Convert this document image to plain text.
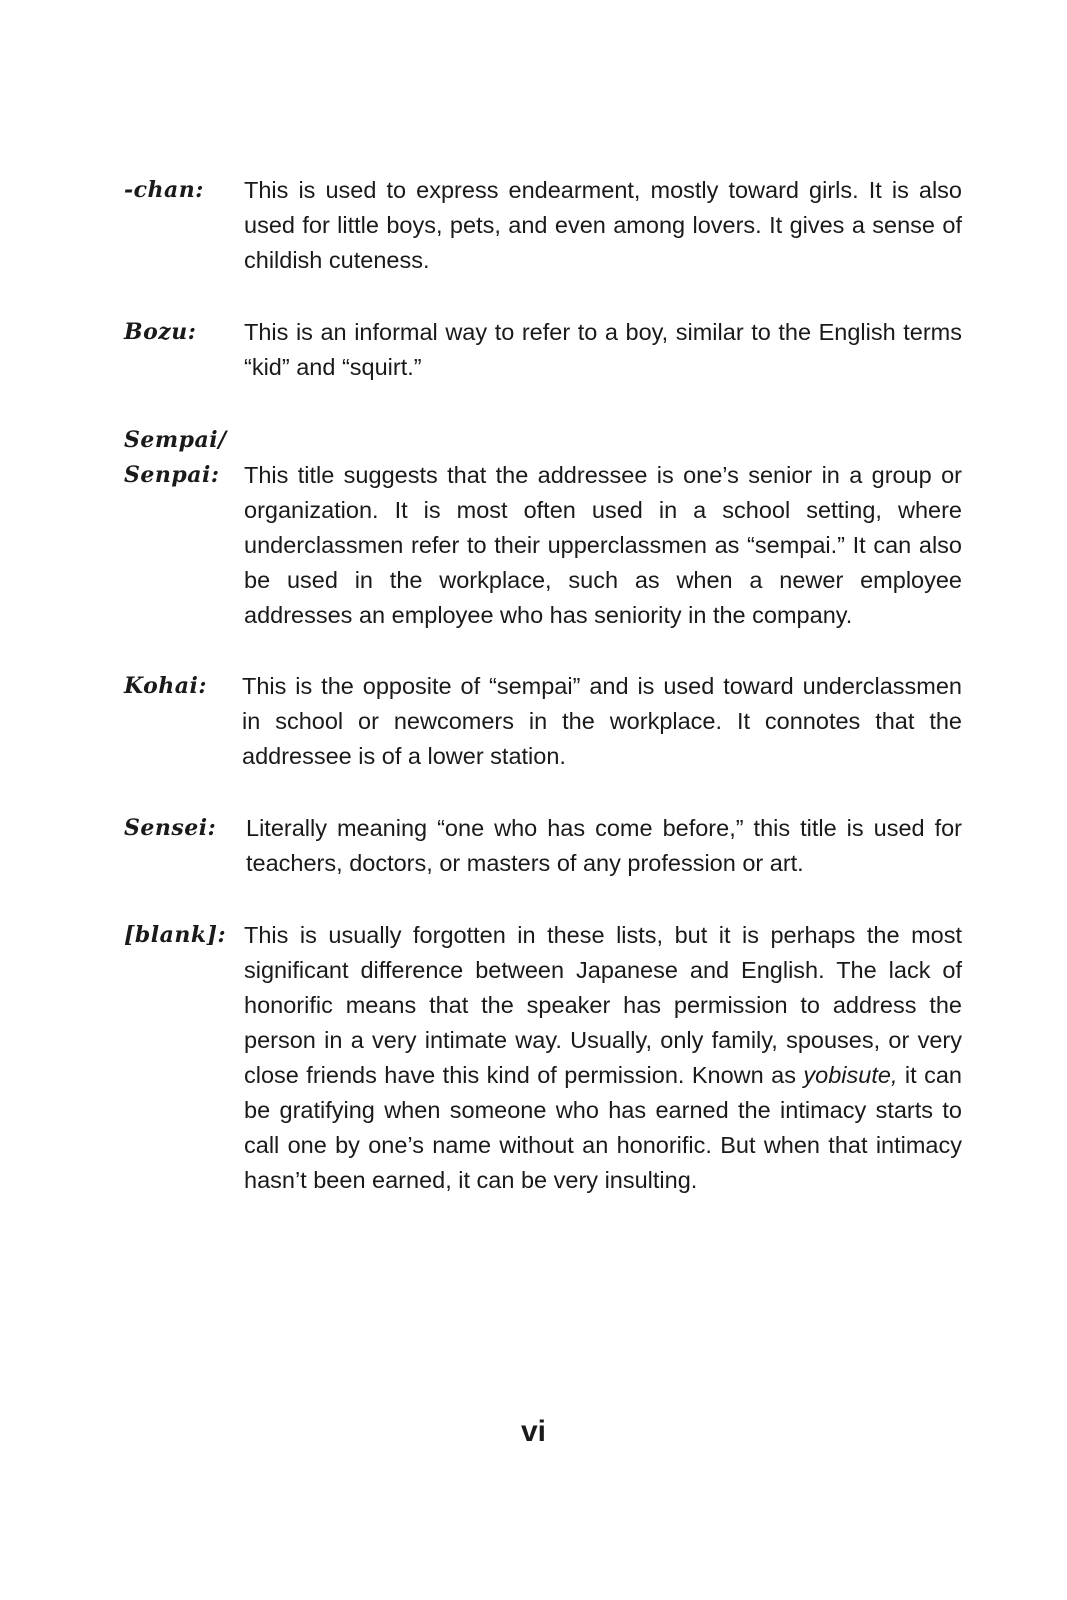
-chan: This is used to express endearment, mostly toward girls. It is also used for little boys, pets, and even among lovers. It gives a sense of childish cuteness.
Bozu: This is an informal way to refer to a boy, similar to the English terms “kid” and “squirt.”
Sempai/
Senpai:	This title suggests that the addressee is one’s senior in a group or organization. It is most often used in a school setting, where underclassmen refer to their upperclassmen as “sempai.” It can also be used in the workplace, such as when a newer employee addresses an employee who has seniority in the company.
Kohai: This is the opposite of “sempai” and is used toward underclassmen in school or newcomers in the workplace. It connotes that the addressee is of a lower station.
Sensei: Literally meaning “one who has come before,” this title is used for teachers, doctors, or masters of any profession or art.
[blank]: This is usually forgotten in these lists, but it is perhaps the most significant difference between Japanese and English. The lack of honorific means that the speaker has permission to address the person in a very intimate way. Usually, only family, spouses, or very close friends have this kind of permission. Known as yobisute, it can be gratifying when someone who has earned the intimacy starts to call one by one’s name without an honorific. But when that intimacy hasn’t been earned, it can be very insulting.
vi
